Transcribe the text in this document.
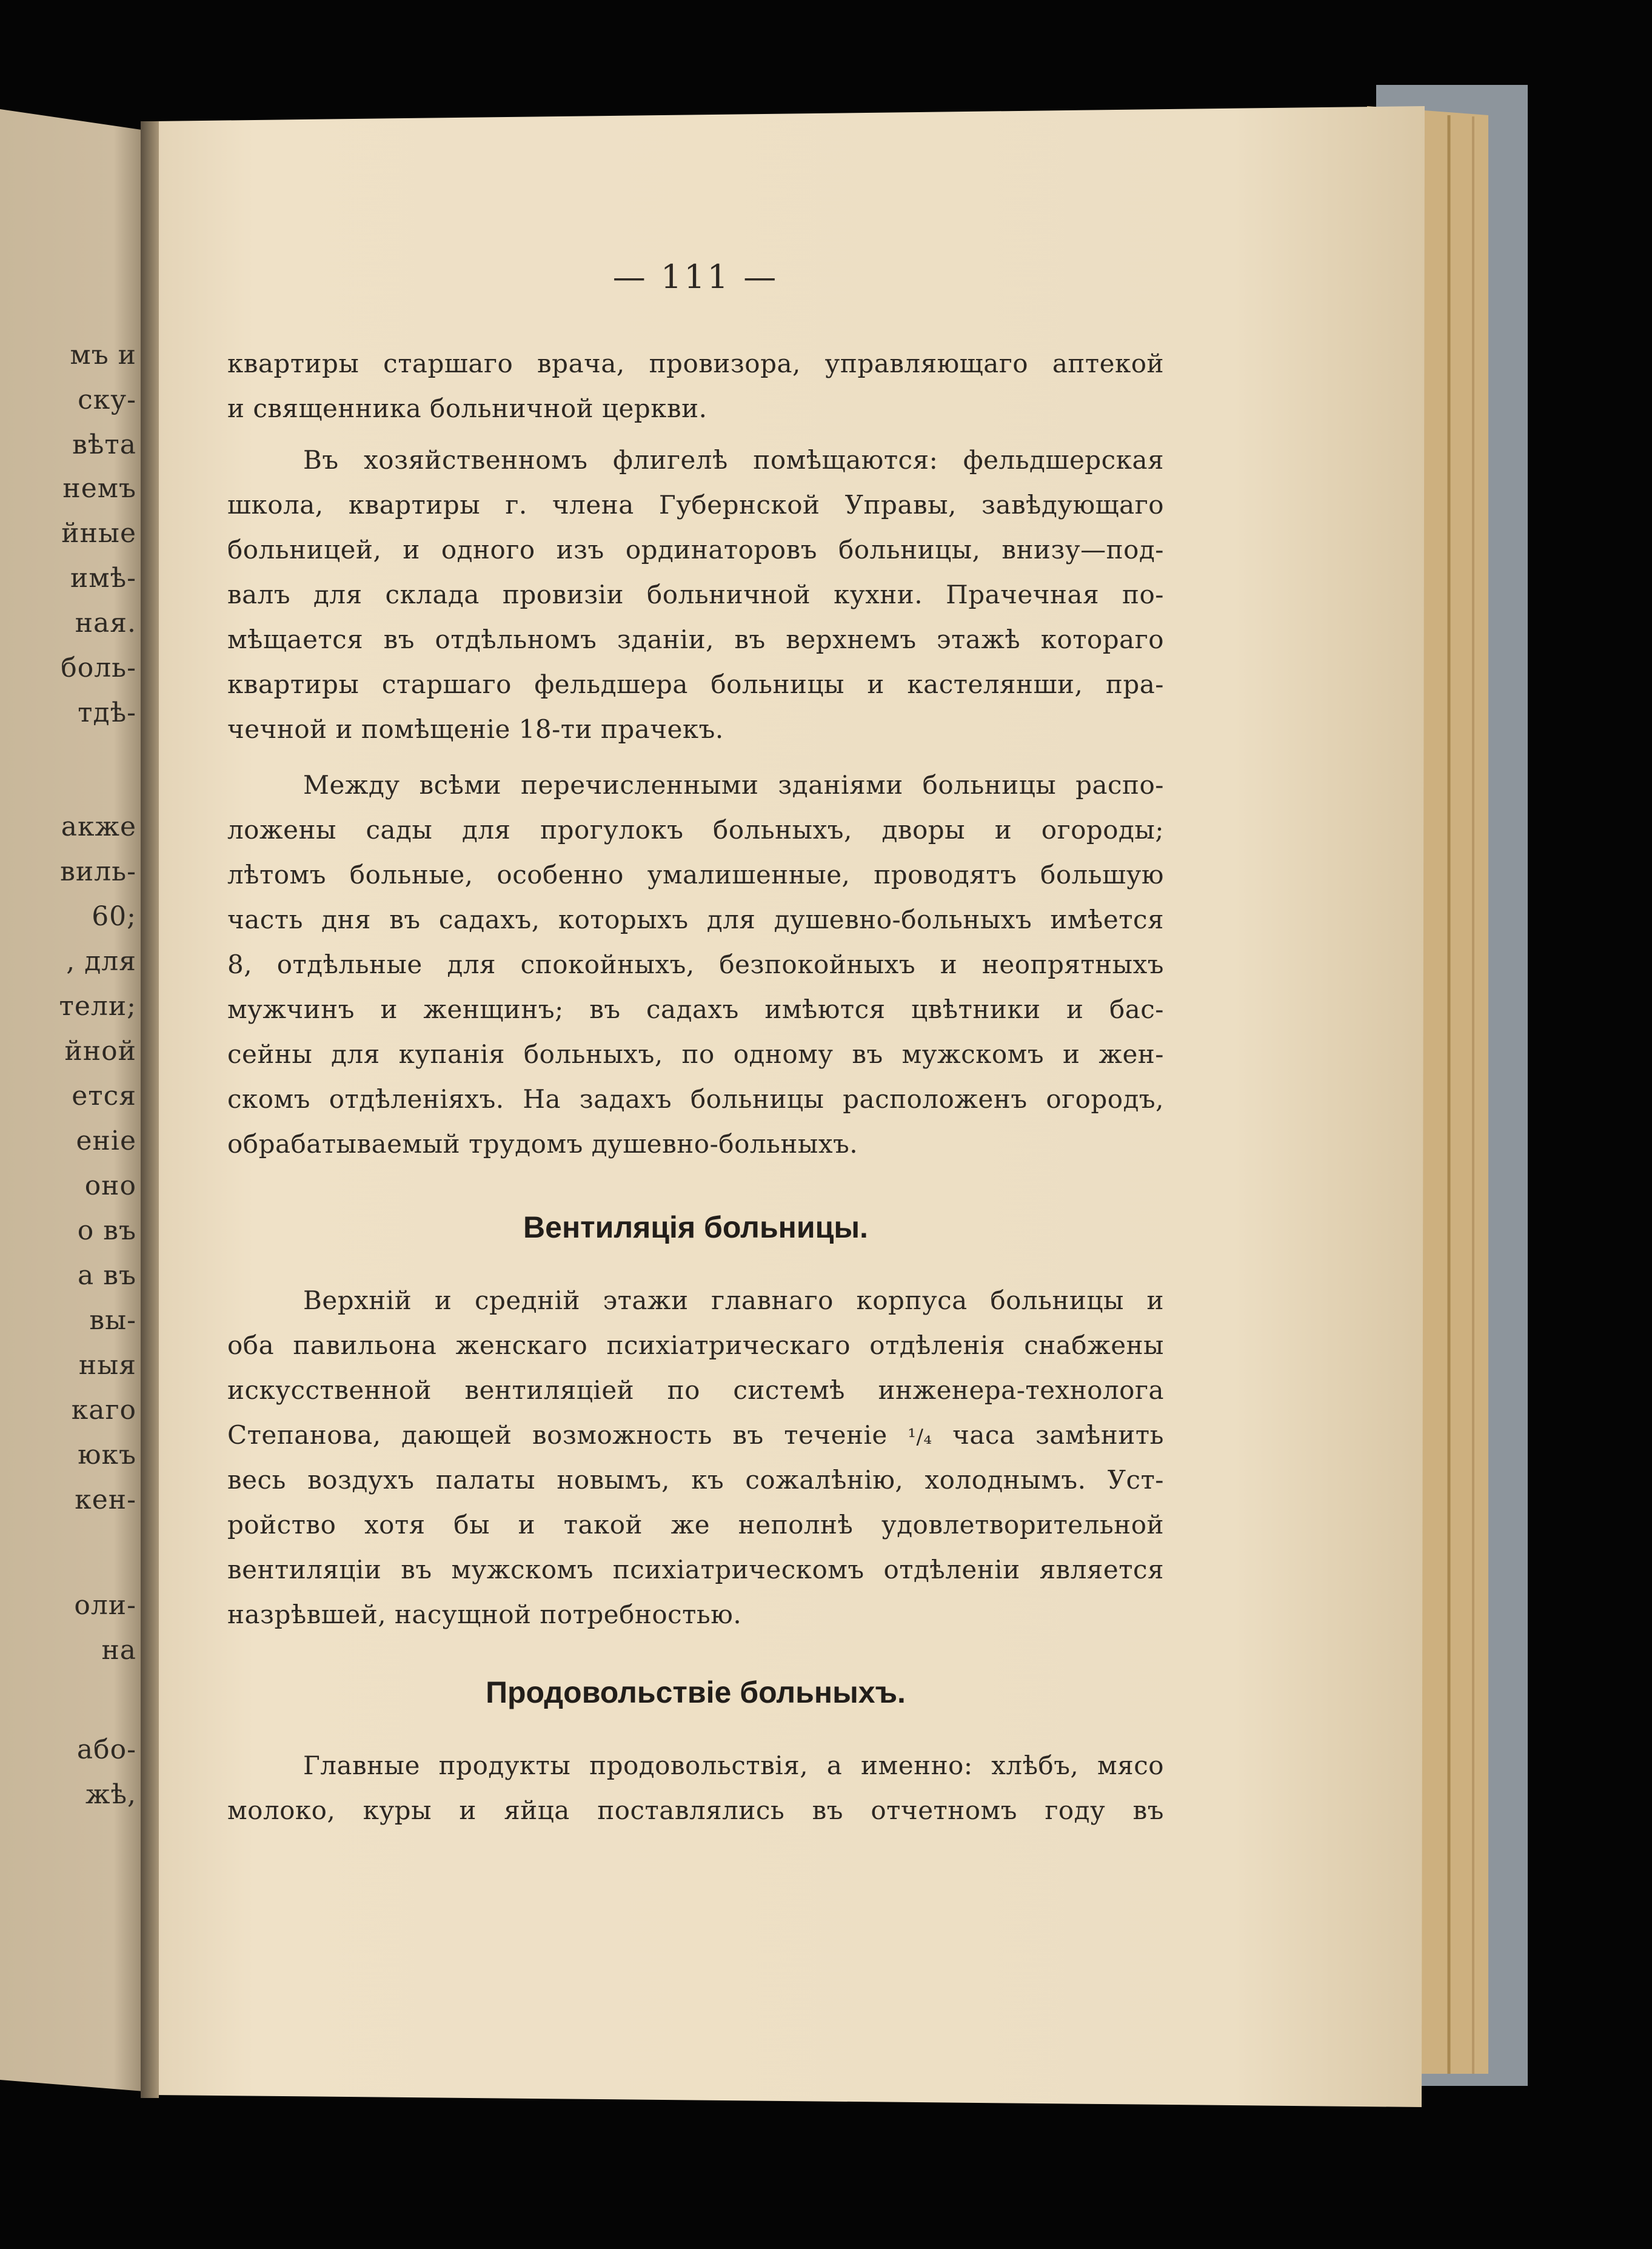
мъ и
ску-
вѣта
немъ
йные
имѣ-
ная.
боль-
тдѣ-
акже
виль-
60;
, для
тели;
йной
ется
еніе
оно
о въ
а въ
вы-
ныя
каго
юкъ
кен-
оли-
на
або-
жѣ,
— 111 —
квартиры старшаго врача, провизора, управляющаго аптекой
и священника больничной церкви.
Въ хозяйственномъ флигелѣ помѣщаются: фельдшерская
школа, квартиры г. члена Губернской Управы, завѣдующаго
больницей, и одного изъ ординаторовъ больницы, внизу—под-
валъ для склада провизіи больничной кухни. Прачечная по-
мѣщается въ отдѣльномъ зданіи, въ верхнемъ этажѣ котораго
квартиры старшаго фельдшера больницы и кастелянши, пра-
чечной и помѣщеніе 18-ти прачекъ.
Между всѣми перечисленными зданіями больницы распо-
ложены сады для прогулокъ больныхъ, дворы и огороды;
лѣтомъ больные, особенно умалишенные, проводятъ большую
часть дня въ садахъ, которыхъ для душевно-больныхъ имѣется
8, отдѣльные для спокойныхъ, безпокойныхъ и неопрятныхъ
мужчинъ и женщинъ; въ садахъ имѣются цвѣтники и бас-
сейны для купанія больныхъ, по одному въ мужскомъ и жен-
скомъ отдѣленіяхъ. На задахъ больницы расположенъ огородъ,
обрабатываемый трудомъ душевно-больныхъ.
Вентиляція больницы.
Верхній и средній этажи главнаго корпуса больницы и
оба павильона женскаго психіатрическаго отдѣленія снабжены
искусственной вентиляцiей по системѣ инженера-технолога
Степанова, дающей возможность въ теченіе ¹/₄ часа замѣнить
весь воздухъ палаты новымъ, къ сожалѣнію, холоднымъ. Уст-
ройство хотя бы и такой же неполнѣ удовлетворительной
вентиляціи въ мужскомъ психіатрическомъ отдѣленіи является
назрѣвшей, насущной потребностью.
Продовольствіе больныхъ.
Главные продукты продовольствія, а именно: хлѣбъ, мясо
молоко, куры и яйца поставлялись въ отчетномъ году въ
